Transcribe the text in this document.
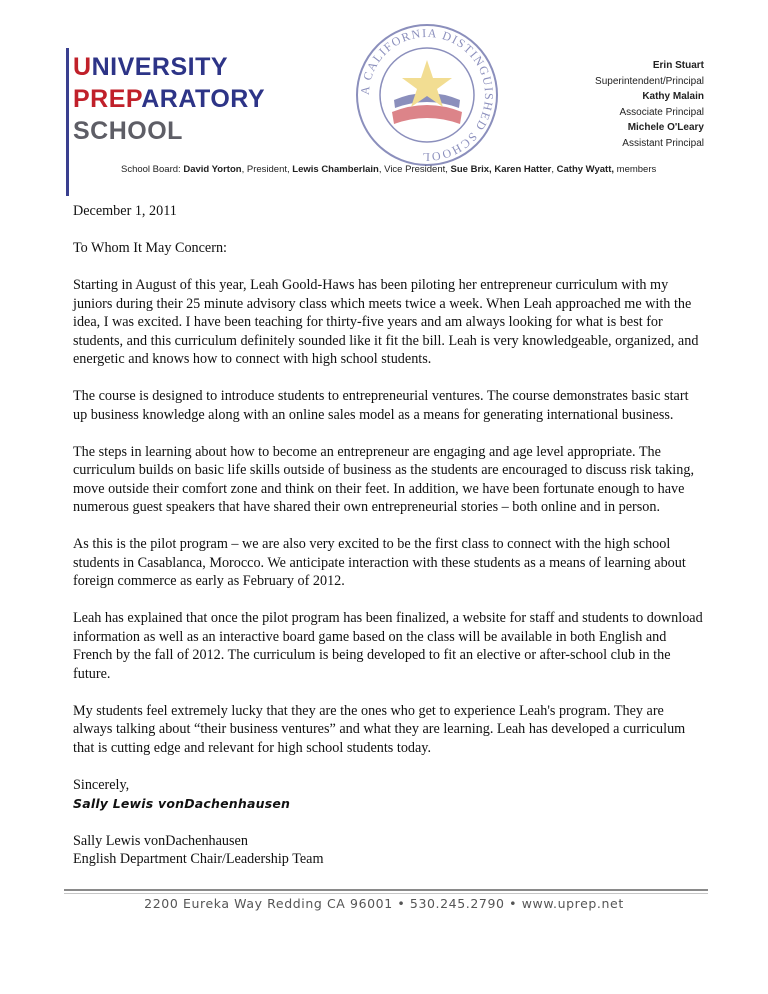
UNIVERSITY
PREPARATORY
SCHOOL
A CALIFORNIA DISTINGUISHED SCHOOL
Erin Stuart
Superintendent/Principal
Kathy Malain
Associate Principal
Michele O'Leary
Assistant Principal
School Board: David Yorton, President, Lewis Chamberlain, Vice President, Sue Brix, Karen Hatter, Cathy Wyatt, members

December 1, 2011

To Whom It May Concern:

Starting in August of this year, Leah Goold-Haws has been piloting her entrepreneur curriculum with my juniors during their 25 minute advisory class which meets twice a week. When Leah approached me with the idea, I was excited. I have been teaching for thirty-five years and am always looking for what is best for students, and this curriculum definitely sounded like it fit the bill. Leah is very knowledgeable, organized, and energetic and knows how to connect with high school students.

The course is designed to introduce students to entrepreneurial ventures. The course demonstrates basic start up business knowledge along with an online sales model as a means for generating international business.

The steps in learning about how to become an entrepreneur are engaging and age level appropriate. The curriculum builds on basic life skills outside of business as the students are encouraged to discuss risk taking, move outside their comfort zone and think on their feet. In addition, we have been fortunate enough to have numerous guest speakers that have shared their own entrepreneurial stories – both online and in person.

As this is the pilot program – we are also very excited to be the first class to connect with the high school students in Casablanca, Morocco. We anticipate interaction with these students as a means of learning about foreign commerce as early as February of 2012.

Leah has explained that once the pilot program has been finalized, a website for staff and students to download information as well as an interactive board game based on the class will be available in both English and French by the fall of 2012. The curriculum is being developed to fit an elective or after-school club in the future.

My students feel extremely lucky that they are the ones who get to experience Leah's program. They are always talking about “their business ventures” and what they are learning. Leah has developed a curriculum that is cutting edge and relevant for high school students today.

Sincerely,

Sally Lewis vonDachenhausen

Sally Lewis vonDachenhausen

English Department Chair/Leadership Team

2200 Eureka Way Redding CA 96001 • 530.245.2790 • www.uprep.net
